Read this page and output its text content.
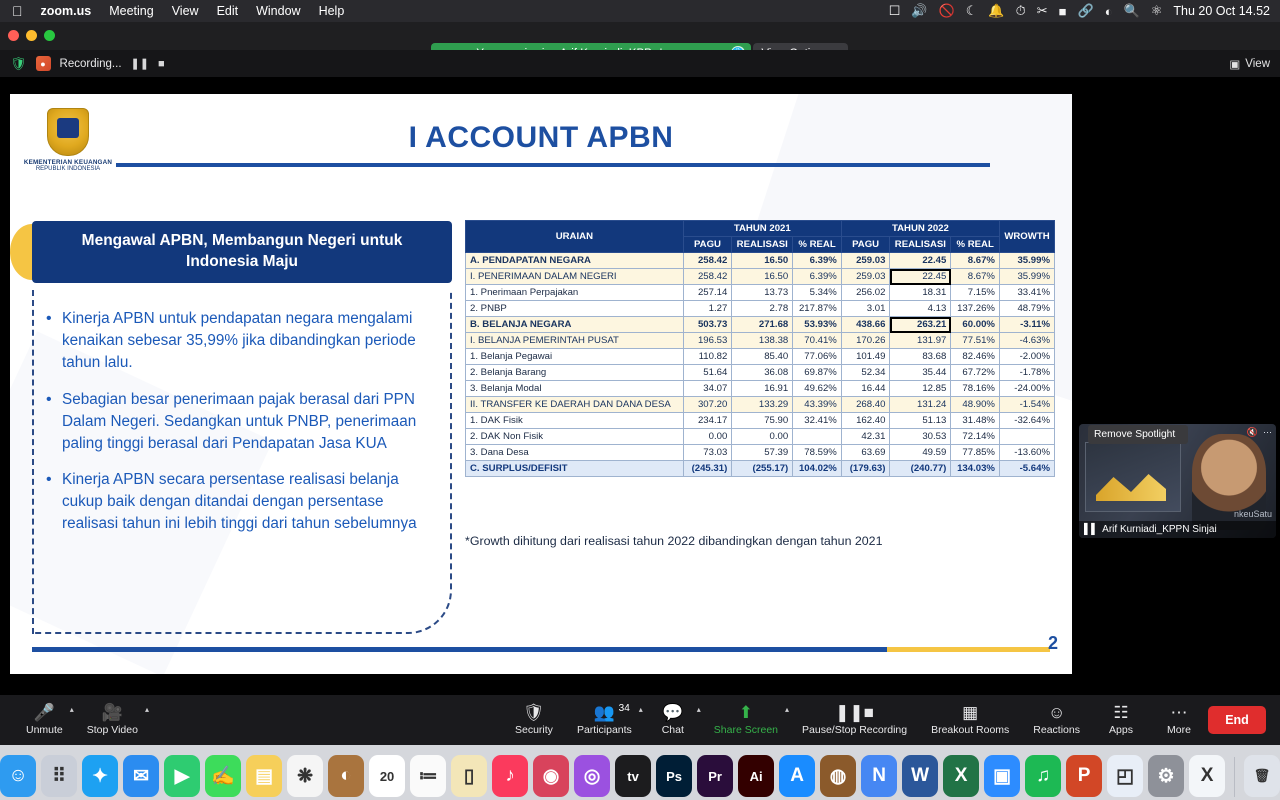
zoom.us	Meeting	View	Edit	Window	Help	☐ 🔊 🚫 ☾ 🔔 ⏱ ✂ ■ 🔗 ◐ 🔍 ⚛ Thu 20 Oct 14.52
🛡	●	Recording... ❚❚ ■	▣ View
KEMENTERIAN KEUANGAN
REPUBLIK INDONESIA
I ACCOUNT APBN
Mengawal APBN, Membangun Negeri untuk Indonesia Maju
• Kinerja APBN untuk pendapatan negara mengalami kenaikan sebesar 35,99% jika dibandingkan periode tahun lalu.
• Sebagian besar penerimaan pajak berasal dari PPN Dalam Negeri. Sedangkan untuk PNBP, penerimaan paling tinggi berasal dari Pendapatan Jasa KUA
• Kinerja APBN secara persentase realisasi belanja cukup baik dengan ditandai dengan persentase realisasi tahun ini lebih tinggi dari tahun sebelumnya
URAIAN	TAHUN 2021			TAHUN 2022			WROWTH
	PAGU	REALISASI	% REAL	PAGU	REALISASI	% REAL	
A. PENDAPATAN NEGARA	258.42	16.50	6.39%	259.03	22.45	8.67%	35.99%
I. PENERIMAAN DALAM NEGERI	258.42	16.50	6.39%	259.03	22.45	8.67%	35.99%
1. Pnerimaan Perpajakan	257.14	13.73	5.34%	256.02	18.31	7.15%	33.41%
2. PNBP	1.27	2.78	217.87%	3.01	4.13	137.26%	48.79%
B. BELANJA NEGARA	503.73	271.68	53.93%	438.66	263.21	60.00%	-3.11%
I. BELANJA PEMERINTAH PUSAT	196.53	138.38	70.41%	170.26	131.97	77.51%	-4.63%
1. Belanja Pegawai	110.82	85.40	77.06%	101.49	83.68	82.46%	-2.00%
2. Belanja Barang	51.64	36.08	69.87%	52.34	35.44	67.72%	-1.78%
3. Belanja Modal	34.07	16.91	49.62%	16.44	12.85	78.16%	-24.00%
II. TRANSFER KE DAERAH DAN DANA DESA	307.20	133.29	43.39%	268.40	131.24	48.90%	-1.54%
1. DAK Fisik	234.17	75.90	32.41%	162.40	51.13	31.48%	-32.64%
2. DAK Non Fisik	0.00	0.00		42.31	30.53	72.14%	
3. Dana Desa	73.03	57.39	78.59%	63.69	49.59	77.85%	-13.60%
C. SURPLUS/DEFISIT	(245.31)	(255.17)	104.02%	(179.63)	(240.77)	134.03%	-5.64%
*Growth dihitung dari realisasi tahun 2022 dibandingkan dengan tahun 2021
2
🔇 ⋯
nkeuSatu
▌▌ Arif Kurniadi_KPPN Sinjai
Remove Spotlight
🎤
Unmute
▴	🎥
Stop Video
▴	🛡
Security
👥 34
Participants
▴	💬
Chat
▴	⬆
Share Screen
▴	❚❚■
Pause/Stop Recording
▦
Breakout Rooms
☺
Reactions
☷
Apps
⋯
More
End
☺	⠿	✦	✉	▶	✍	▤	❋	◐	20	≔	▯	♪	◉	◎	tv	Ps	Pr	Ai	A	◍	N	W	X	▣	♫	P	◰	⚙	X	🗑
